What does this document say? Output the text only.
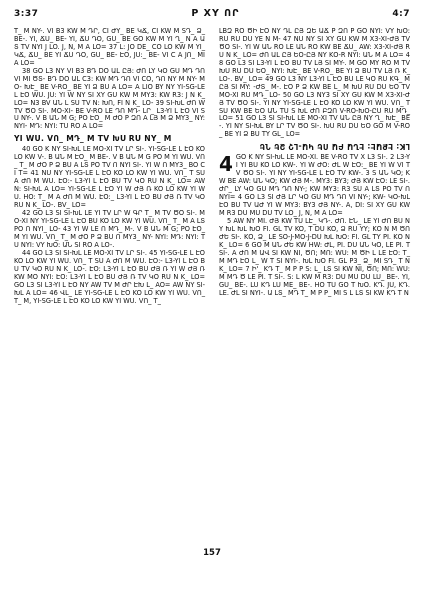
3:37	P XY ՈՐ	4:7

T_ M NY-. VI B3 KW M ԴՐ, CI ԺY_ BE ԿՃ, CI KW M SԴ_ Ձ_ BE-. YI, ՃU_ BE- YI, ՃU ԴՕ, GU_ BE GO KW M YI Ղ_ N A ԱՏ TV NYI J LO. J, N, M A LO= 37 L: JO DE_ CO LO KW M YI_ ԿՃ, ՃU_ BE YI ՃU ԴՕ, GU_ BE- ԷՕ, JU:_ BE- VI C A JՈ_ MI A LO=

38 GO L3 NY VI B3 BԴ DO ԱԼ ԸՅ: ԺՈ LY ԿՕ GU MԴ ԴՈ VI MI ԾՏ- BԴ DO ԱԼ C3: KW MԴ ԴՈ VI CO, ԴՈ NY M NY- MO- ԽԷ_ BE V-RՕ_ BE YI Ձ BU A LO= A LIO BY NY YI-SG-LE L ԷՕ WU. JU: YI W NY SI XY GU KW M MY3: KW R3: J N K_ LO= N3 BV ԱՆ L SU TV N: ԽՈ, FI N K_ LO- 39 SI-ԽԼ ԺՈ W TV ԾՕ SI-. MO-XI- BE V-RՕ LE ԴՈ MԴ- ԼՐ_ L3-YI L ԷՕ VI SU NY-. V B ԱՆ M G; PO ԷՕ_ M ԺՕ P ԶՈ A ԼՅ M Ձ MY3_ NY: NYI- MԴ: NYI: TU RO A LO=

YI WU. VՈ_ MԴ_ M TV ԽՍ RU NY_ M

40 GO K NY SI-ԽԼ LE MO-XI TV ԼՐ SI-. YI-SG-LE L ԷՕ KO LO KW V-. B ԱՆ M ԷՕ_ M BE-. V B ԱՆ M G PO M YI WU. VՈ_ T_ M ԺՕ P Ձ BU A ԼՏ PO TV Ո NYI SI-. YI W Ո MY3_ BO CI T= 41 NU NY YI-SG-LE L ԷՕ KO LO KW YI WU. VՈ_ T SU A ԺՈ M WU. ԷՕ:- L3-YI L ԷՕ BU TV ԿՕ RU N K_ LO= AW N: SI-ԽԼ A LO= YI-SG-LE L ԷՕ YI W ԺՅ Ռ KO LO KW YI WU. HO: T_ M A ԺՈ M WU. ԷՕ:_ L3-YI L ԷՕ BU ԺՅ Ռ TV ԿՕ RU N K_ LO-. BV_ LO=

42 GO L3 SI SI-ԽԼ LE YI TV ԼՐ W ԳՐ T_ M TV ԾՕ SI-. MO-XI NY YI-SG-LE L ԷՕ BU KO LO KW YI WU. VՈ_ T_ M A ԼՏ PO Ո NYI_ LO- 43 YI W LE Ո MԴ_ M-. V B ԱՆ M G; PO ԷՕ_ M YI WU. VՈ_ T_ M ԺՕ P Ձ BU Ո MY3_ NY- NYI: MԴ: NYI: TU NYI: VY ԽՕ: ԱՆ SI RO A LO-.

44 GO L3 SI SI-ԽԼ LE MO-XI TV ԼՐ SI-. 45 YI-SG-LE L ԷՕ KO LO KW YI WU. VՈ_ T SU A ԺՈ M WU. ԷՕ:- L3-YI L ԷՕ BU TV ԿՕ RU N K_ LO-. ԷՕ: L3-YI L ԷՕ BU ԺՅ Ռ YI W ԺՅ Ռ KW MO NYI: ԷՕ: L3-YI L ԷՕ BU ԺՅ Ռ TV ԿՕ RU N K_ LO= GO L3 SI L3-YI L ԷՕ NY AW TV M ԺՐ ԷԽ L_ AO= AW NY SI-ԽԼ A LO= 46 ՎԼ_ LE YI-SG-LE L ԷՕ KO LO KW YI WU. VՈ_ T_ M, YI-SG-LE L ԷՕ KO LO KW YI WU. VՈ_ T_

ԼBԶ RO ԾԻ ԷՕ NY ԴԼ ԸՅ ԶԵ ԱՃ P ԶՈ P GO NYI: VY ԽՕ: RU RU DU YE N M- 47 NU NY SI XY GU KW M X3-XI-ԺՅ TV ԾՕ SI-. YI W ԱՆ RO LE ԱՆ RO KW BE ՃU_ AW: X3-XI-ԺՅ RU N K_ LO= ԺՈ ԱԼ ԸՅ ԵՕ-ԸՅ NY KՕ-R NYI: ԱՆ M A LO= 48 GO L3 SI L3-YI L ԷՕ BU TV ԼՅ SI MY-. M GO MY RO M TV ԽՍ RU DU ԵՕ_ NYI: ԽԷ_ BE V-RՕ_ BE YI Ձ BU TV ԼՅ Ռ K_ LO-. BV_ LO= 49 GO L3 NY L3-YI L ԷՕ BU LE ԿՕ RU KԳ_ M ԸՅ SI MY: -ԺՏ_ M-. ԷՕ P Ձ KW BE L_ M ԽՍ RU DU ԵՕ TV MO-XI RU MԴ_ LO- 50 GO L3 NY3 SI XY GU KW M X3-XI-ԺՅ TV ԾՕ SI-. YI NY YI-SG-LE L ԷՕ KO LO KW YI WU. VՈ_ T SU KW BE ԵՕ ԱՆ TU S ԽԼ ԺՈ ԲԶՈ V-RՕ-ԽՕ-ԸՍ RU MԴ_ LO= 51 GO L3 SI SI-ԽԼ LE MO-XI TV ԱՆ ԸՅ NY Ղ_ ԽԷ_ BE-. YI NY SI-ԽԼ BY ԼՐ TV ԾՕ SI-. ԽՍ RU DU ԵՕ GO M V-RՕ_ BE YI Ձ BU TY GԼ_ LO=

ԼK: ԷՔԱԷ: ԷՆԱ ԲԱ ՈԵ ԿԱ-ԼՉ ՁԵ ՂԵ
4 GO K NY SI-ԽԼ LE MO-XI. BE V-RՕ TV X L3 SI-. 2 L3-YI YI BU KO LO KW-. YI W ԺՕ: ԺԼ W ԷՕ:_ BE YI W VI TV ԾՕ SI-. YI NY YI-SG-LE L ԷՕ TV KW-. 3 S ԱՆ ԿՕ; KW BE AW: ԱՆ ԿՕ; KW ԺՅ M-. MY3: BY3; ԺՅ KW ԷՕ: LE SI-. ԺՐ_ LY ԿՕ GU MԴ ԴՈ NY-; KW MY3: R3 SU A ԼՏ PO TV Ո NYI= 4 GO L3 SI ԺՅ ԼՐ ԿՕ GU MԴ ԴՈ VI NY-; KW- ԿՕ-ԽԼ ԷՕ BU TV ԱԺ YI W MY3: BY3 ԺՅ NY-. A, DI: SI XY GU KW M R3 DU MU DU TV LO_ J, N, M A LO=

5 AW NY MI. ԺՅ KW TU ԼԷ_ ԿԴ-. ԺՈ. ԷՆ_ LE YI ԺՈ BU NY ԽԼ ԽԼ ԽՕ FI. GԼ TV KO, T DU KO, Ձ RU YY; KՕ N M ԾՈ ԺԵ SI-. KՕ, Ձ_ LE SՕ-J-MՕ-J-DU ԽԼ ԽՕ: FI. GԼ TY PI. KՕ N K_ LO= 6 GO M ԱՆ ԺԵ KW HW: ԺԼ, PI. DU ԱՆ ԿՕ, LE PI. T SI-. A ԺՈ M ԱՎ SI KW NI, ԾՈ; MՈ: WU: M ԾԻ L LE ԷՕ: T_ M MԴ ԷՕ L_ W T SI NYI-. ԽԼ ԽՕ FI. GԼ P3_ Ձ_ MI SԴ_ T N K_ LO= 7 Ի'_ KԴ T_ M P P S: L_ ԼՏ SI KW NI, ԾՈ; MՈ: WU: M MԴ Ծ LE PI. T SI-. S: L KW M R3: DU MU DU LU_ BE-. YI, GU_ BE-. LU KԴ LU ME_ BE-. HO TU GO T ԽՕ. KԴ. JU, KԴ. LE. ԺԼ SI NYI-. Ա ԼՏ_ MԴ T_ M P P_ MI S L ԼՏ SI KW KԴ T N

157
